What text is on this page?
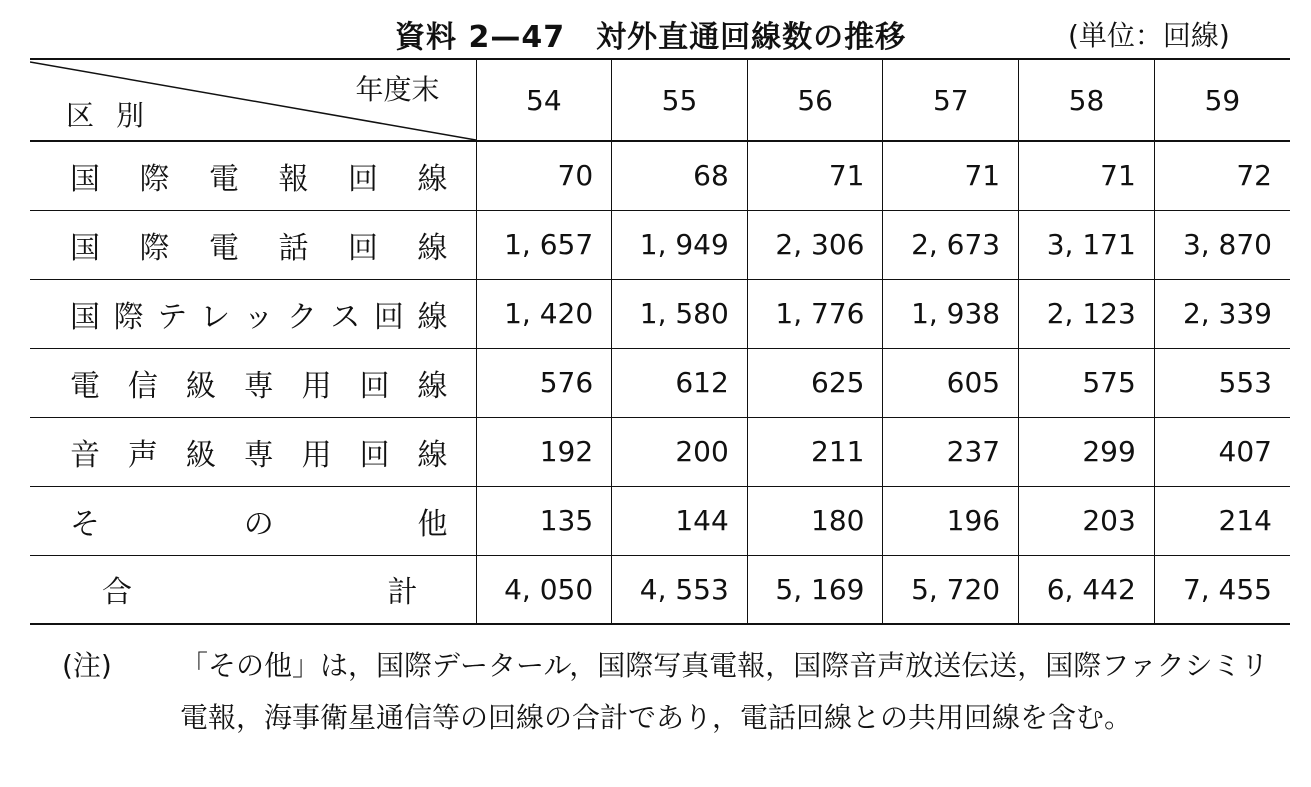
資料 2—47　対外直通回線数の推移	(単位：回線)
年度末
区別	54	55	56	57	58	59

国際電報回線	70	68	71	71	71	72

国際電話回線	1, 657	1, 949	2, 306	2, 673	3, 171	3, 870

国際テレックス回線	1, 420	1, 580	1, 776	1, 938	2, 123	2, 339

電信級専用回線	576	612	625	605	575	553

音声級専用回線	192	200	211	237	299	407

その他	135	144	180	196	203	214

合計	4, 050	4, 553	5, 169	5, 720	6, 442	7, 455
(注) 「その他」は，国際データール，国際写真電報，国際音声放送伝送，国際ファクシミリ電報，海事衛星通信等の回線の合計であり，電話回線との共用回線を含む。
